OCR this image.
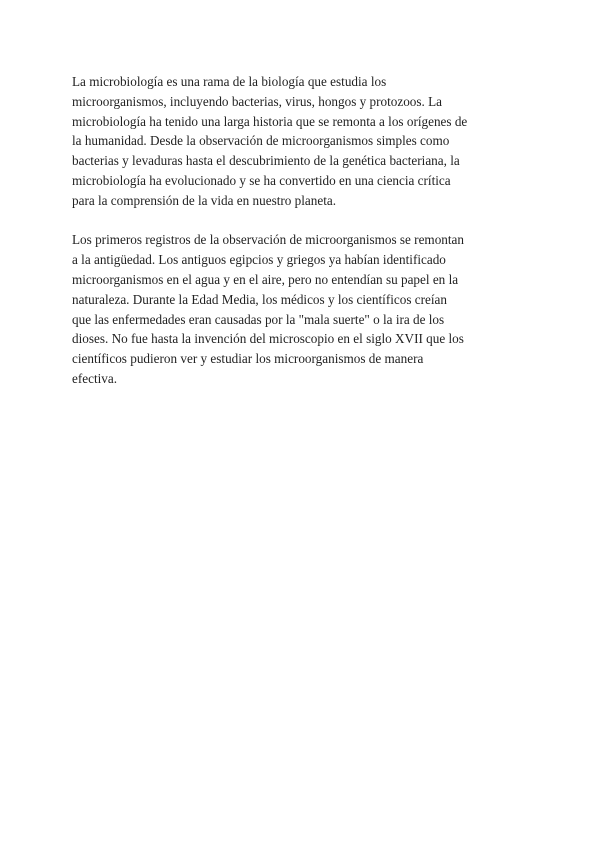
La microbiología es una rama de la biología que estudia los
microorganismos, incluyendo bacterias, virus, hongos y protozoos. La
microbiología ha tenido una larga historia que se remonta a los orígenes de
la humanidad. Desde la observación de microorganismos simples como
bacterias y levaduras hasta el descubrimiento de la genética bacteriana, la
microbiología ha evolucionado y se ha convertido en una ciencia crítica
para la comprensión de la vida en nuestro planeta.

Los primeros registros de la observación de microorganismos se remontan
a la antigüedad. Los antiguos egipcios y griegos ya habían identificado
microorganismos en el agua y en el aire, pero no entendían su papel en la
naturaleza. Durante la Edad Media, los médicos y los científicos creían
que las enfermedades eran causadas por la "mala suerte" o la ira de los
dioses. No fue hasta la invención del microscopio en el siglo XVII que los
científicos pudieron ver y estudiar los microorganismos de manera
efectiva.
